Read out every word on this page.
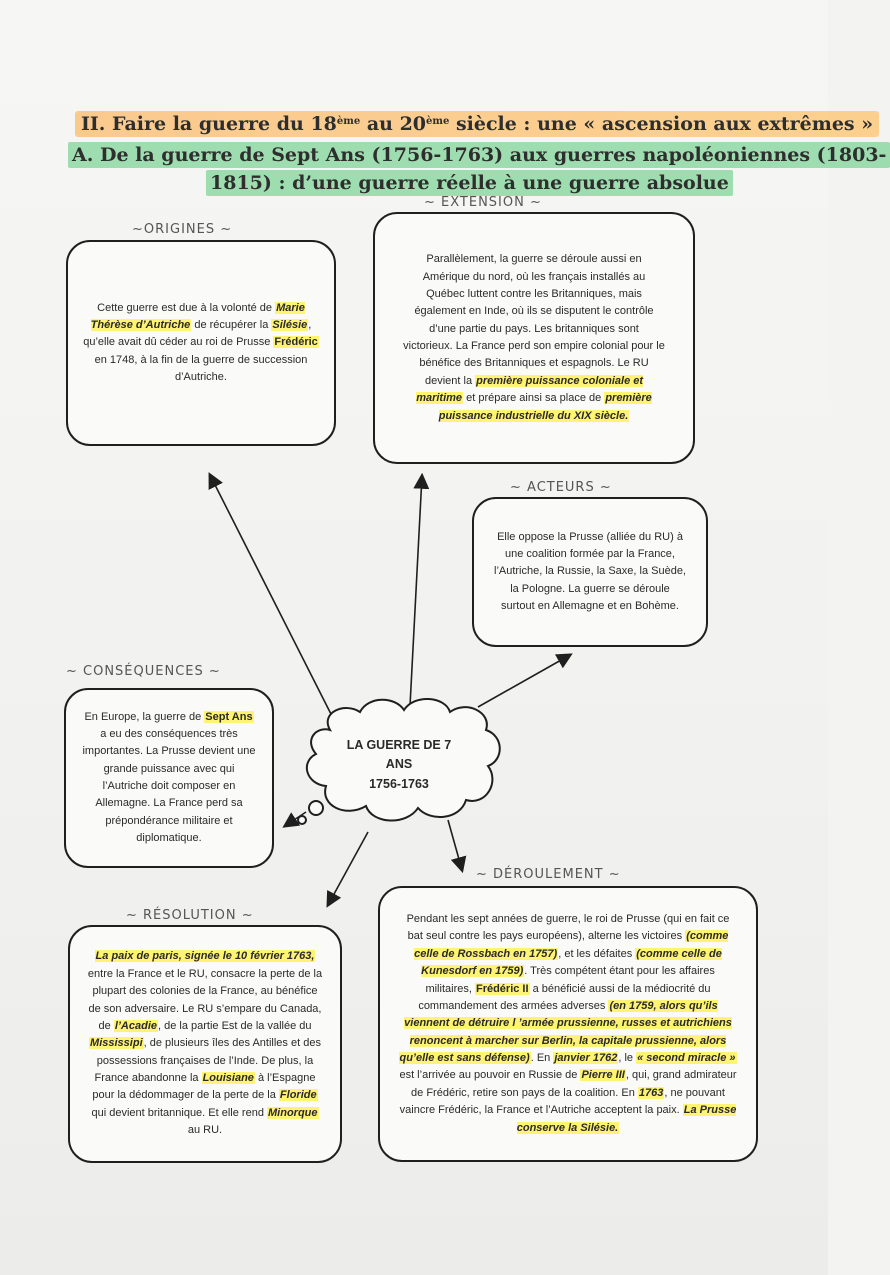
II. Faire la guerre du 18ème au 20ème siècle : une « ascension aux extrêmes »
A. De la guerre de Sept Ans (1756-1763) aux guerres napoléoniennes (1803-
1815) : d’une guerre réelle à une guerre absolue
LA GUERRE DE 7
ANS
1756-1763
~ORIGINES ~
~ EXTENSION ~
~ ACTEURS ~
~ CONSÉQUENCES ~
~ DÉROULEMENT ~
~ RÉSOLUTION ~

Cette guerre est due à la volonté de Marie Thérèse d’Autriche de récupérer la Silésie, qu’elle avait dû céder au roi de Prusse Frédéric en 1748, à la fin de la guerre de succession d’Autriche.

Parallèlement, la guerre se déroule aussi en Amérique du nord, où les français installés au Québec luttent contre les Britanniques, mais également en Inde, où ils se disputent le contrôle d’une partie du pays. Les britanniques sont victorieux. La France perd son empire colonial pour le bénéfice des Britanniques et espagnols. Le RU devient la première puissance coloniale et maritime et prépare ainsi sa place de première puissance industrielle du XIX siècle.

Elle oppose la Prusse (alliée du RU) à une coalition formée par la France, l’Autriche, la Russie, la Saxe, la Suède, la Pologne. La guerre se déroule surtout en Allemagne et en Bohème.

En Europe, la guerre de Sept Ans a eu des conséquences très importantes. La Prusse devient une grande puissance avec qui l’Autriche doit composer en Allemagne. La France perd sa prépondérance militaire et diplomatique.

La paix de paris, signée le 10 février 1763, entre la France et le RU, consacre la perte de la plupart des colonies de la France, au bénéfice de son adversaire. Le RU s’empare du Canada, de l’Acadie, de la partie Est de la vallée du Mississipi, de plusieurs îles des Antilles et des possessions françaises de l’Inde. De plus, la France abandonne la Louisiane à l’Espagne pour la dédommager de la perte de la Floride qui devient britannique. Et elle rend Minorque au RU.

Pendant les sept années de guerre, le roi de Prusse (qui en fait ce bat seul contre les pays européens), alterne les victoires (comme celle de Rossbach en 1757), et les défaites (comme celle de Kunesdorf en 1759). Très compétent étant pour les affaires militaires, Frédéric II a bénéficié aussi de la médiocrité du commandement des armées adverses (en 1759, alors qu’ils viennent de détruire l ’armée prussienne, russes et autrichiens renoncent à marcher sur Berlin, la capitale prussienne, alors qu’elle est sans défense). En janvier 1762, le « second miracle » est l’arrivée au pouvoir en Russie de Pierre III, qui, grand admirateur de Frédéric, retire son pays de la coalition. En 1763, ne pouvant vaincre Frédéric, la France et l’Autriche acceptent la paix. La Prusse conserve la Silésie.
